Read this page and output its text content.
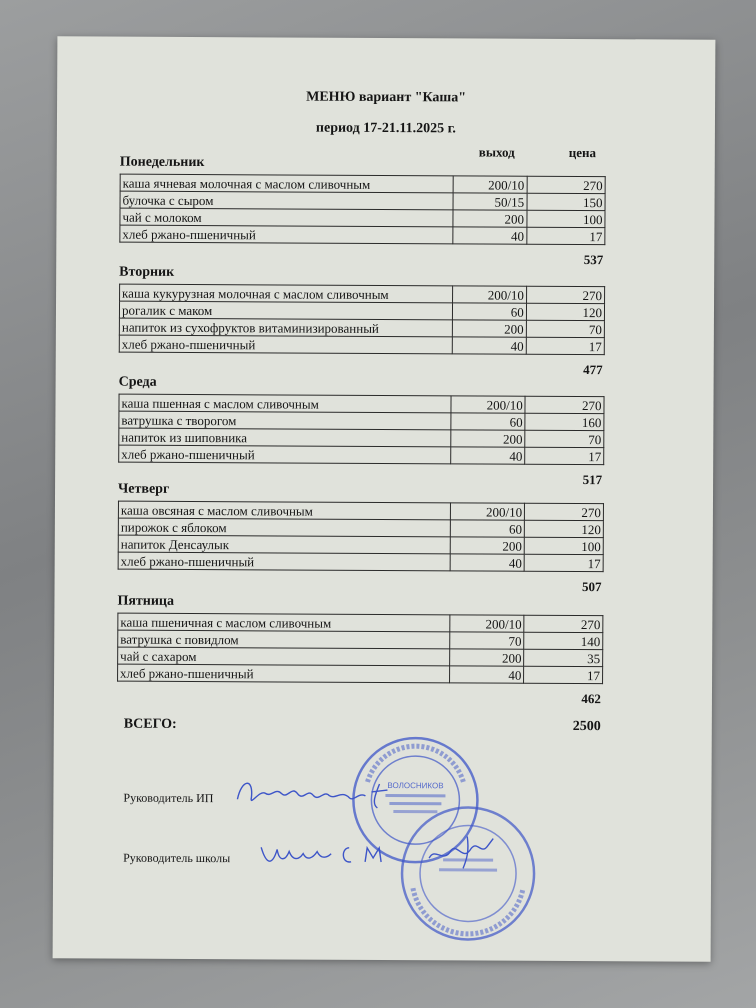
МЕНЮ вариант "Каша"
период 17-21.11.2025 г.
выход	цена
Понедельник
каша ячневая молочная с маслом сливочным	200/10	270
булочка с сыром	50/15	150
чай с молоком	200	100
хлеб ржано-пшеничный	40	17
537
Вторник
каша кукурузная молочная с маслом сливочным	200/10	270
рогалик с маком	60	120
напиток из сухофруктов витаминизированный	200	70
хлеб ржано-пшеничный	40	17
477
Среда
каша пшенная с маслом сливочным	200/10	270
ватрушка с творогом	60	160
напиток из шиповника	200	70
хлеб ржано-пшеничный	40	17
517
Четверг
каша овсяная с маслом сливочным	200/10	270
пирожок с яблоком	60	120
напиток Денсаулык	200	100
хлеб ржано-пшеничный	40	17
507
Пятница
каша пшеничная с маслом сливочным	200/10	270
ватрушка с повидлом	70	140
чай с сахаром	200	35
хлеб ржано-пшеничный	40	17
462
ВСЕГО:	2500
Руководитель ИП
Руководитель школы
ВОЛОСНИКОВ
